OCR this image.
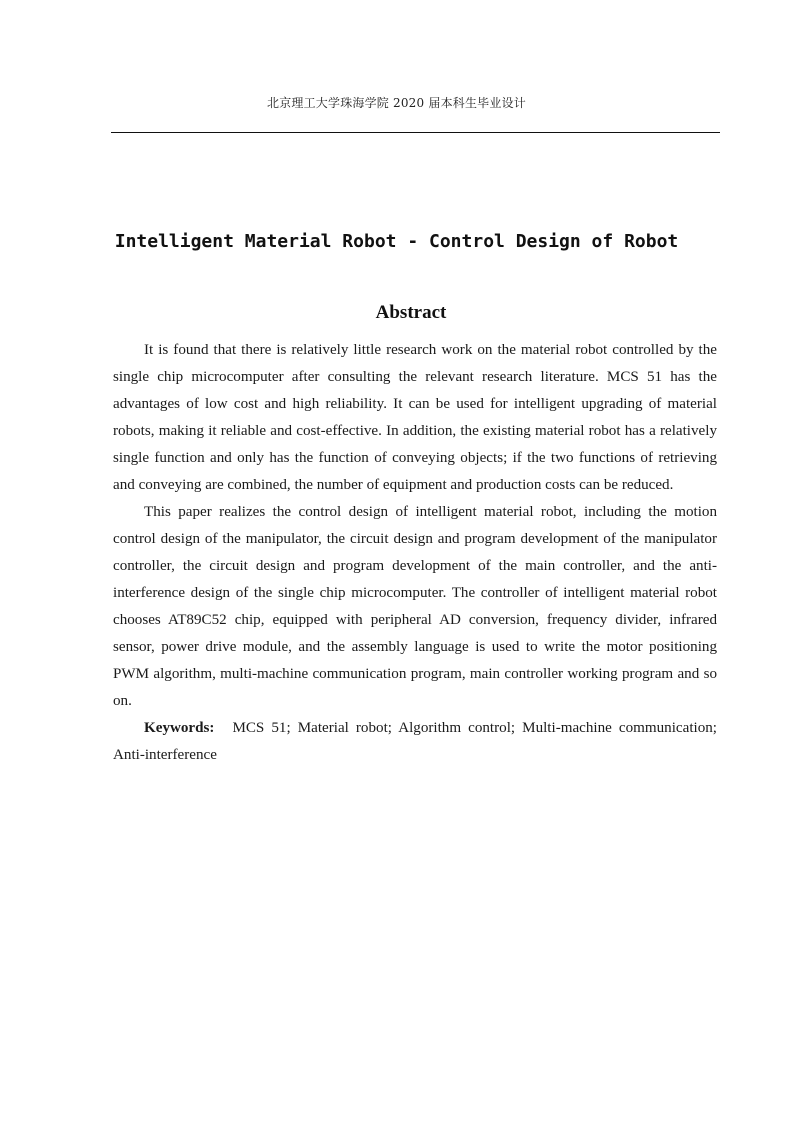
北京理工大学珠海学院 2020 届本科生毕业设计
Intelligent Material Robot - Control Design of Robot
Abstract

It is found that there is relatively little research work on the material robot controlled by the single chip microcomputer after consulting the relevant research literature. MCS 51 has the advantages of low cost and high reliability. It can be used for intelligent upgrading of material robots, making it reliable and cost-effective. In addition, the existing material robot has a relatively single function and only has the function of conveying objects; if the two functions of retrieving and conveying are combined, the number of equipment and production costs can be reduced.

This paper realizes the control design of intelligent material robot, including the motion control design of the manipulator, the circuit design and program development of the manipulator controller, the circuit design and program development of the main controller, and the anti-interference design of the single chip microcomputer. The controller of intelligent material robot chooses AT89C52 chip, equipped with peripheral AD conversion, frequency divider, infrared sensor, power drive module, and the assembly language is used to write the motor positioning PWM algorithm, multi-machine communication program, main controller working program and so on.

Keywords: MCS 51; Material robot; Algorithm control; Multi-machine communication; Anti-interference
